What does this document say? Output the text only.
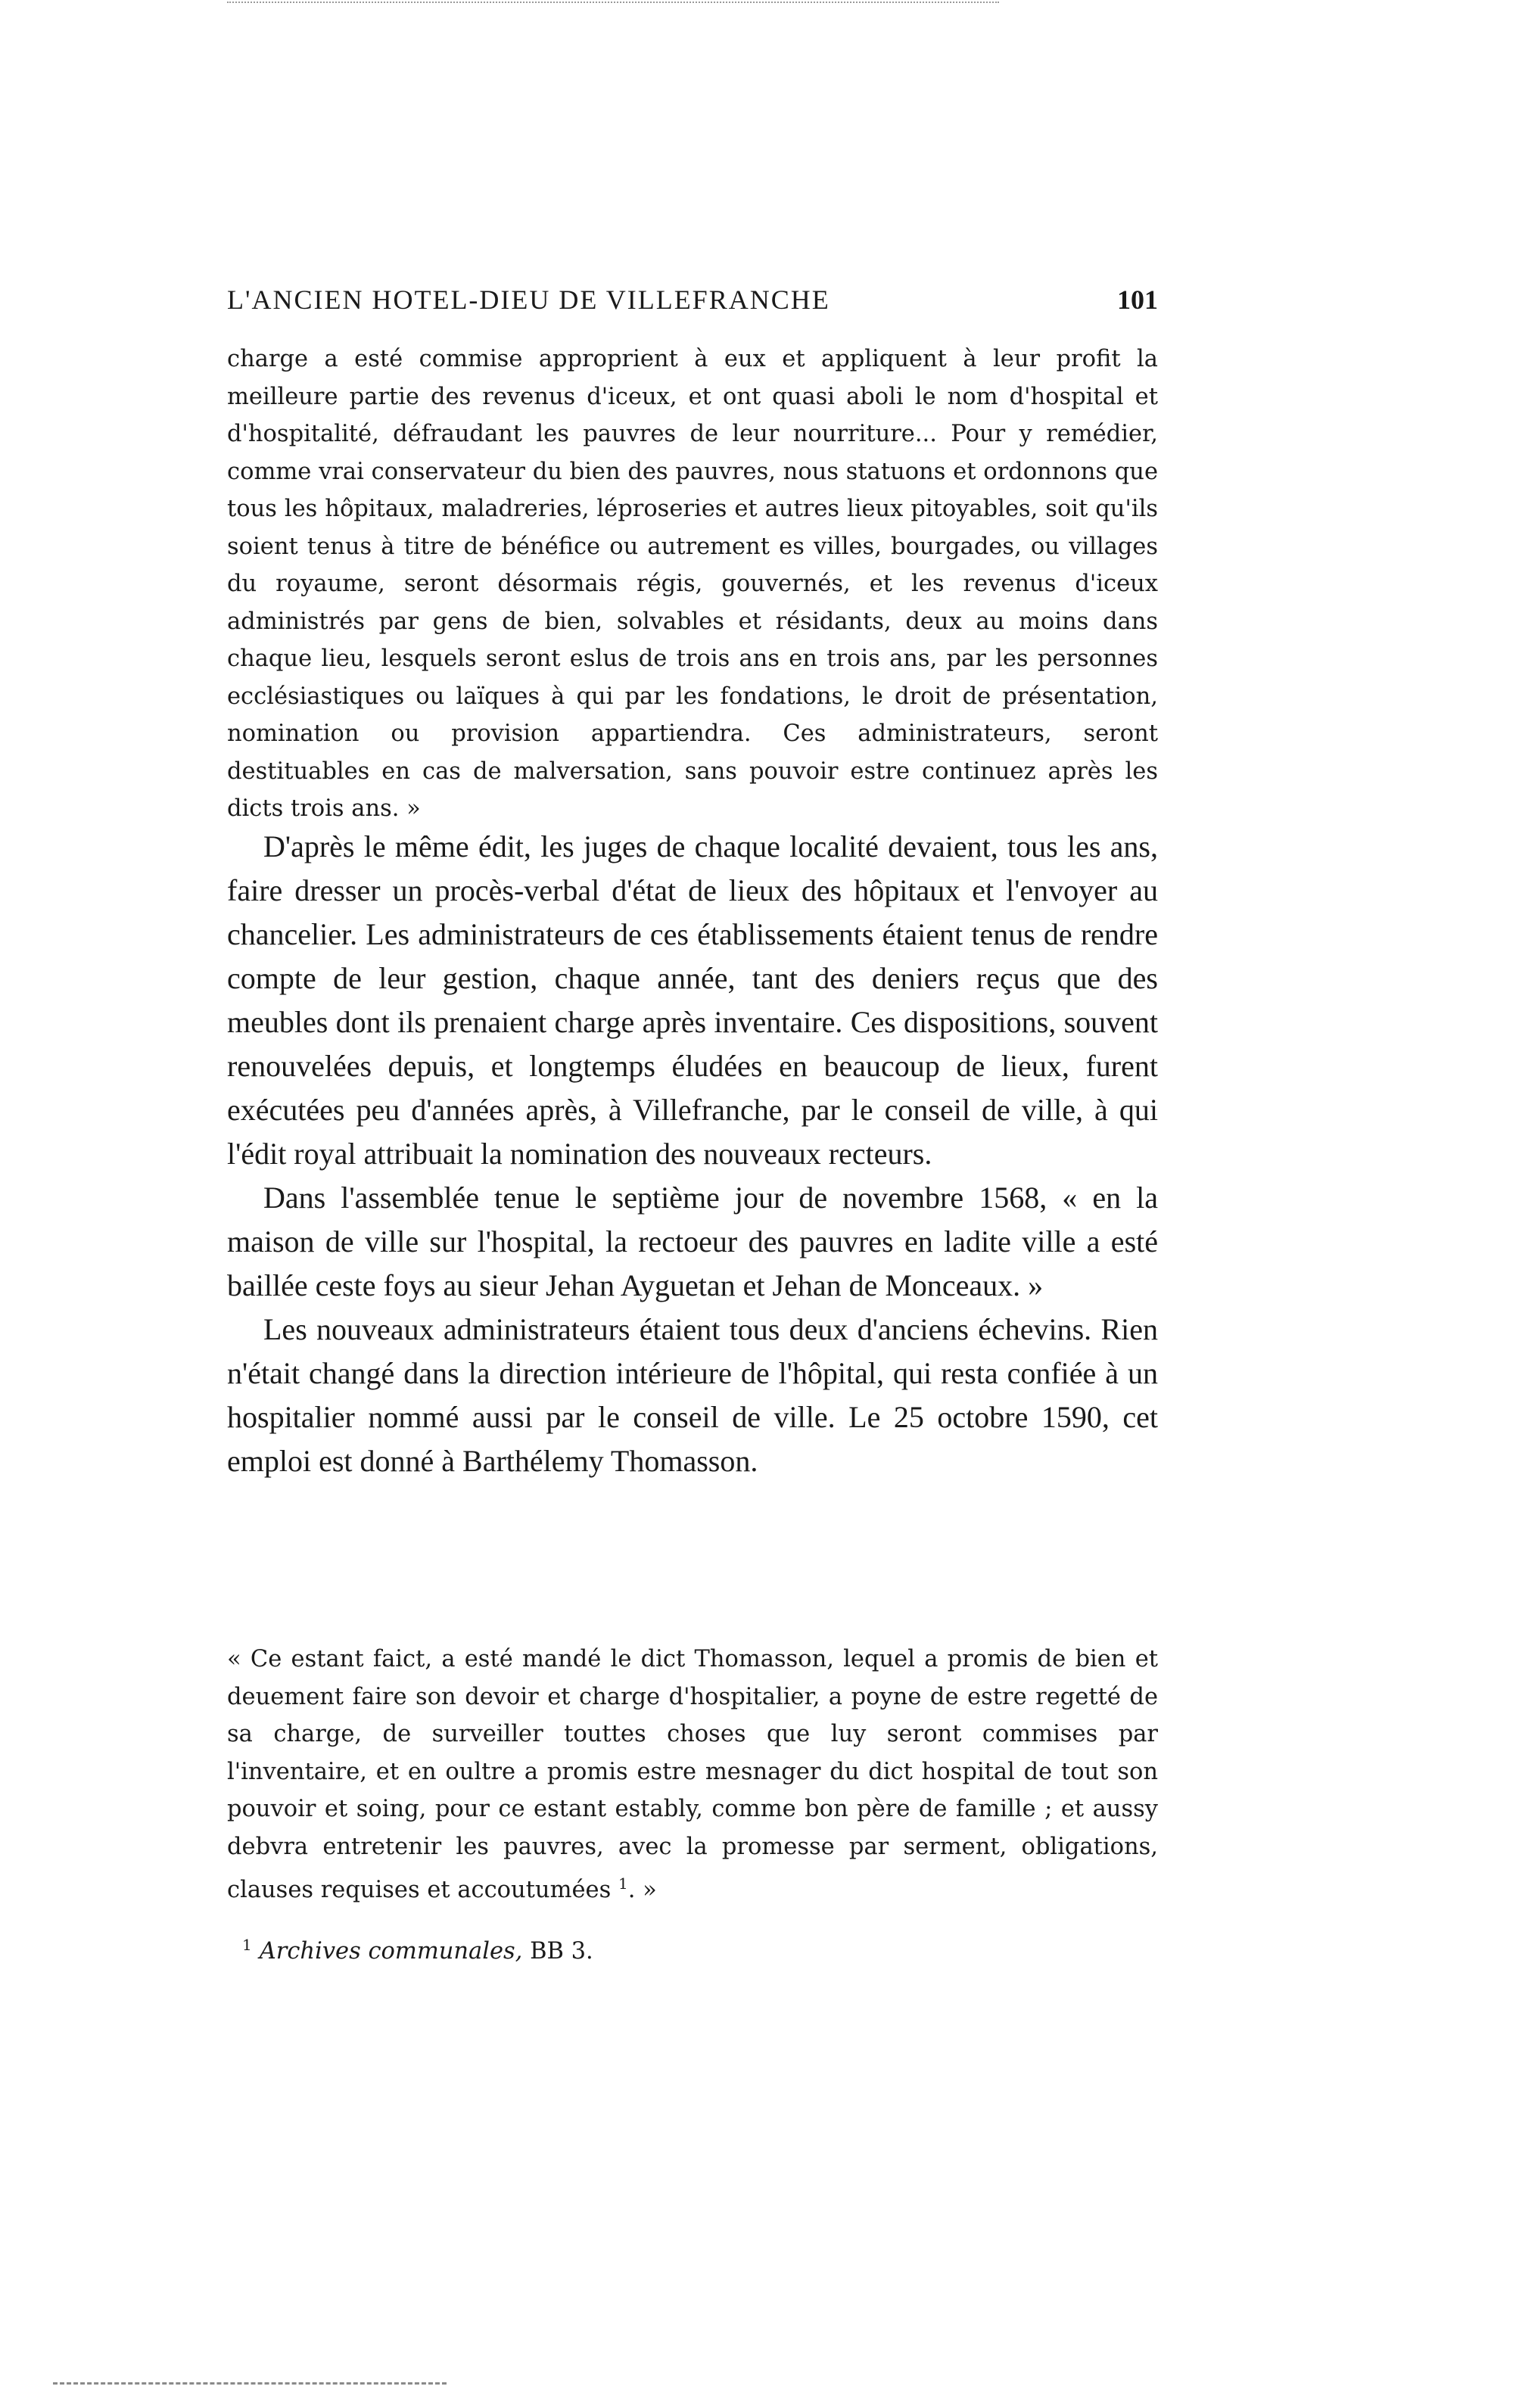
L'ANCIEN HOTEL-DIEU DE VILLEFRANCHE	101

charge a esté commise approprient à eux et appliquent à leur profit la meilleure partie des revenus d'iceux, et ont quasi aboli le nom d'hospital et d'hospitalité, défraudant les pauvres de leur nourriture... Pour y remédier, comme vrai conservateur du bien des pauvres, nous statuons et ordonnons que tous les hôpitaux, maladreries, léproseries et autres lieux pitoyables, soit qu'ils soient tenus à titre de bénéfice ou autrement es villes, bourgades, ou villages du royaume, seront désormais régis, gouvernés, et les revenus d'iceux administrés par gens de bien, solvables et résidants, deux au moins dans chaque lieu, lesquels seront eslus de trois ans en trois ans, par les personnes ecclésiastiques ou laïques à qui par les fondations, le droit de présentation, nomination ou provision appartiendra. Ces administrateurs, seront destituables en cas de malversation, sans pouvoir estre continuez après les dicts trois ans. »

D'après le même édit, les juges de chaque localité devaient, tous les ans, faire dresser un procès-verbal d'état de lieux des hôpitaux et l'envoyer au chancelier. Les administrateurs de ces établissements étaient tenus de rendre compte de leur gestion, chaque année, tant des deniers reçus que des meubles dont ils prenaient charge après inventaire. Ces dispositions, souvent renouvelées depuis, et longtemps éludées en beaucoup de lieux, furent exécutées peu d'années après, à Villefranche, par le conseil de ville, à qui l'édit royal attribuait la nomination des nouveaux recteurs.

Dans l'assemblée tenue le septième jour de novembre 1568, « en la maison de ville sur l'hospital, la rectoeur des pauvres en ladite ville a esté baillée ceste foys au sieur Jehan Ayguetan et Jehan de Monceaux. »

Les nouveaux administrateurs étaient tous deux d'anciens échevins. Rien n'était changé dans la direction intérieure de l'hôpital, qui resta confiée à un hospitalier nommé aussi par le conseil de ville. Le 25 octobre 1590, cet emploi est donné à Barthélemy Thomasson.

« Ce estant faict, a esté mandé le dict Thomasson, lequel a promis de bien et deuement faire son devoir et charge d'hospitalier, a poyne de estre regetté de sa charge, de surveiller touttes choses que luy seront commises par l'inventaire, et en oultre a promis estre mesnager du dict hospital de tout son pouvoir et soing, pour ce estant estably, comme bon père de famille ; et aussy debvra entretenir les pauvres, avec la promesse par serment, obligations, clauses requises et accoutumées $^1$. »

$^1$ Archives communales, BB 3.
